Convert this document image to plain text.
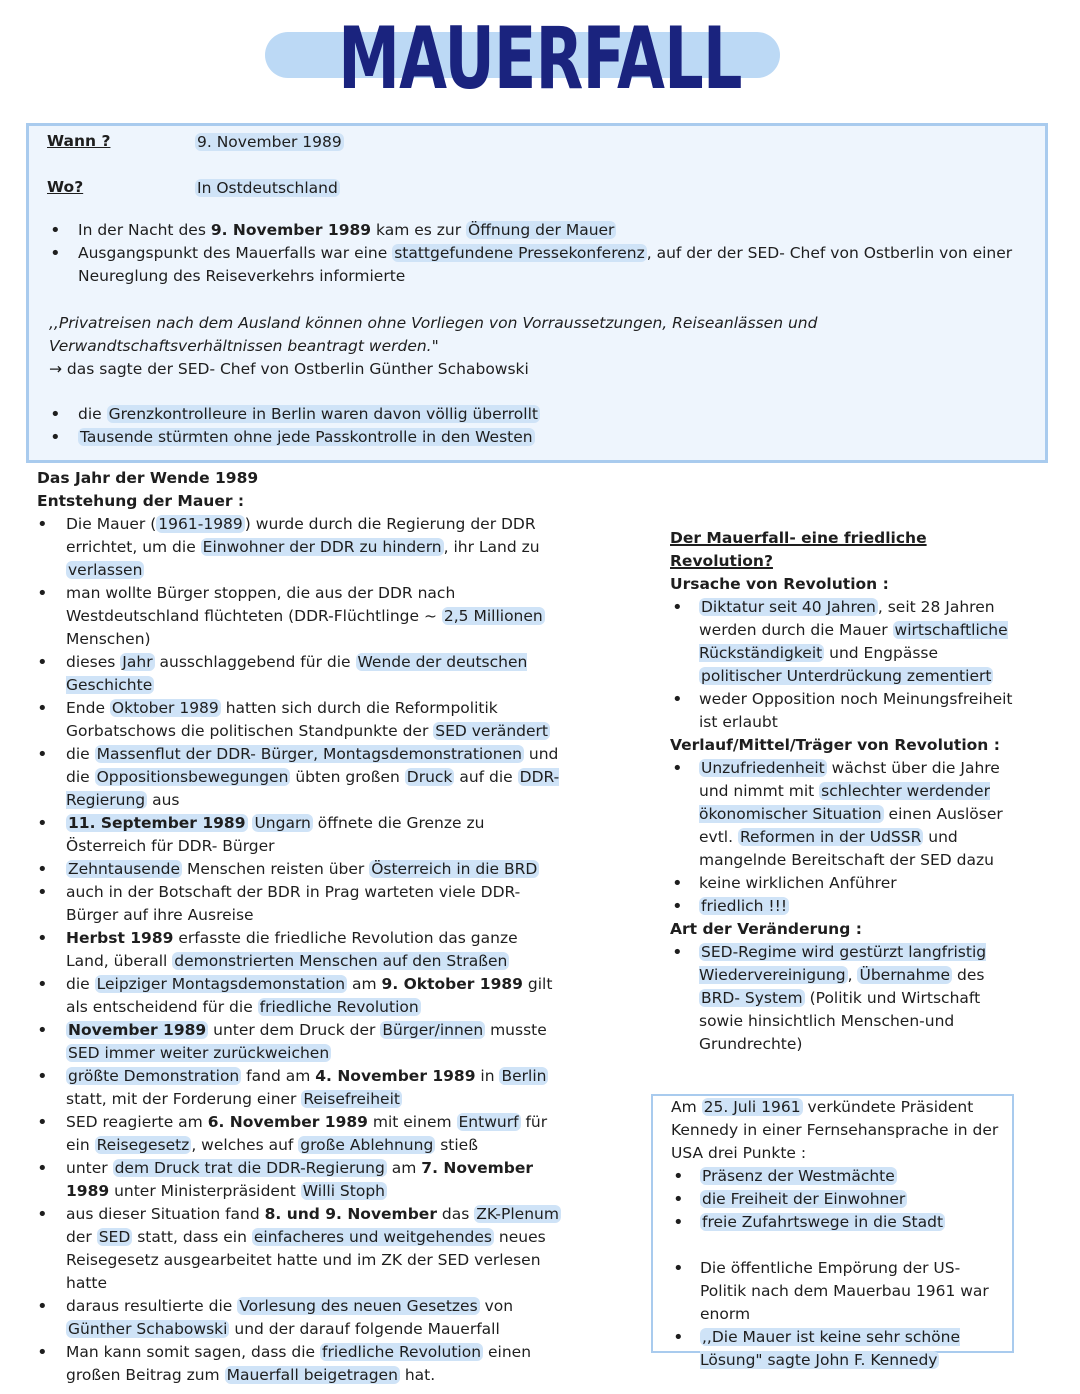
MAUERFALL
Wann ?	9. November 1989
Wo?	In Ostdeutschland
• In der Nacht des 9. November 1989 kam es zur Öffnung der Mauer
• Ausgangspunkt des Mauerfalls war eine stattgefundene Pressekonferenz , auf der der SED- Chef von Ostberlin von einer Neureglung des Reiseverkehrs informierte
,,Privatreisen nach dem Ausland können ohne Vorliegen von Vorraussetzungen, Reiseanlässen und Verwandtschaftsverhältnissen beantragt werden."
→ das sagte der SED- Chef von Ostberlin Günther Schabowski
• die Grenzkontrolleure in Berlin waren davon völlig überrollt
• Tausende stürmten ohne jede Passkontrolle in den Westen
Das Jahr der Wende 1989
Entstehung der Mauer :
• Die Mauer ( 1961-1989 ) wurde durch die Regierung der DDR errichtet, um die Einwohner der DDR zu hindern , ihr Land zu verlassen
• man wollte Bürger stoppen, die aus der DDR nach Westdeutschland flüchteten (DDR-Flüchtlinge ~ 2,5 Millionen Menschen)
• dieses Jahr ausschlaggebend für die Wende der deutschen Geschichte
• Ende Oktober 1989 hatten sich durch die Reformpolitik Gorbatschows die politischen Standpunkte der SED verändert
• die Massenflut der DDR- Bürger, Montagsdemonstrationen und die Oppositionsbewegungen übten großen Druck auf die DDR-Regierung aus
• 11. September 1989 Ungarn öffnete die Grenze zu Österreich für DDR- Bürger
• Zehntausende Menschen reisten über Österreich in die BRD
• auch in der Botschaft der BDR in Prag warteten viele DDR-Bürger auf ihre Ausreise
• Herbst 1989 erfasste die friedliche Revolution das ganze Land, überall demonstrierten Menschen auf den Straßen
• die Leipziger Montagsdemonstation am 9. Oktober 1989 gilt als entscheidend für die friedliche Revolution
• November 1989 unter dem Druck der Bürger/innen musste SED immer weiter zurückweichen
• größte Demonstration fand am 4. November 1989 in Berlin statt, mit der Forderung einer Reisefreiheit
• SED reagierte am 6. November 1989 mit einem Entwurf für ein Reisegesetz , welches auf große Ablehnung stieß
• unter dem Druck trat die DDR-Regierung am 7. November 1989 unter Ministerpräsident Willi Stoph
• aus dieser Situation fand 8. und 9. November das ZK-Plenum der SED statt, dass ein einfacheres und weitgehendes neues Reisegesetz ausgearbeitet hatte und im ZK der SED verlesen hatte
• daraus resultierte die Vorlesung des neuen Gesetzes von Günther Schabowski und der darauf folgende Mauerfall
• Man kann somit sagen, dass die friedliche Revolution einen großen Beitrag zum Mauerfall beigetragen hat.
Der Mauerfall- eine friedliche Revolution?
Ursache von Revolution :
• Diktatur seit 40 Jahren , seit 28 Jahren werden durch die Mauer wirtschaftliche Rückständigkeit und Engpässe politischer Unterdrückung zementiert
• weder Opposition noch Meinungsfreiheit ist erlaubt
Verlauf/Mittel/Träger von Revolution :
• Unzufriedenheit wächst über die Jahre und nimmt mit schlechter werdender ökonomischer Situation einen Auslöser evtl. Reformen in der UdSSR und mangelnde Bereitschaft der SED dazu
• keine wirklichen Anführer
• friedlich !!!
Art der Veränderung :
• SED-Regime wird gestürzt langfristig Wiedervereinigung , Übernahme des BRD- System (Politik und Wirtschaft sowie hinsichtlich Menschen-und Grundrechte)
Am 25. Juli 1961 verkündete Präsident Kennedy in einer Fernsehansprache in der USA drei Punkte :
• Präsenz der Westmächte
• die Freiheit der Einwohner
• freie Zufahrtswege in die Stadt
• Die öffentliche Empörung der US-Politik nach dem Mauerbau 1961 war enorm
• ,,Die Mauer ist keine sehr schöne Lösung" sagte John F. Kennedy
